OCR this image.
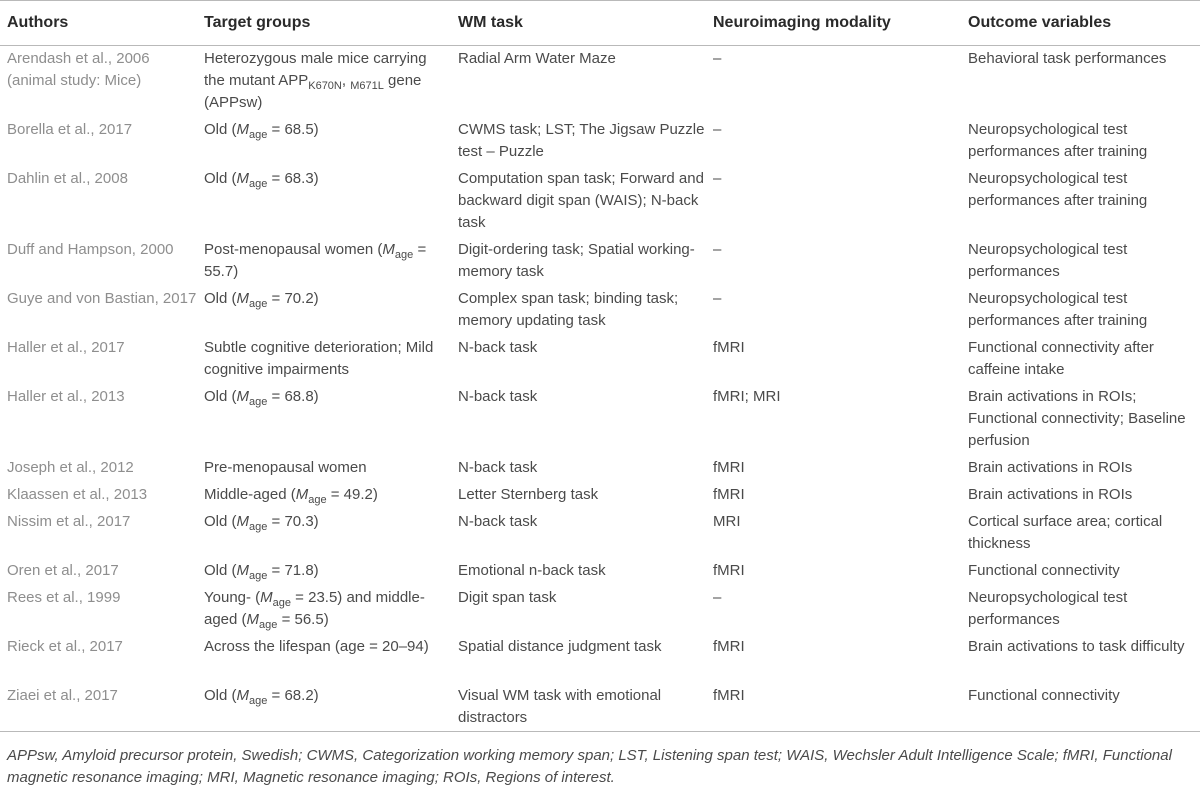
Authors	Target groups	WM task	Neuroimaging modality	Outcome variables
Arendash et al., 2006 (animal study: Mice)	Heterozygous male mice carrying the mutant $APP_{K670N}$, $_{M671L}$ gene (APPsw)	Radial Arm Water Maze	–	Behavioral task performances
Borella et al., 2017	Old $(M_{age} = 68.5)$	CWMS task; LST; The Jigsaw Puzzle test – Puzzle	–	Neuropsychological test performances after training
Dahlin et al., 2008	Old $(M_{age} = 68.3)$	Computation span task; Forward and backward digit span (WAIS); N-back task	–	Neuropsychological test performances after training
Duff and Hampson, 2000	Post-menopausal women $(M_{age} = 55.7)$	Digit-ordering task; Spatial working-memory task	–	Neuropsychological test performances
Guye and von Bastian, 2017	Old $(M_{age} = 70.2)$	Complex span task; binding task; memory updating task	–	Neuropsychological test performances after training
Haller et al., 2017	Subtle cognitive deterioration; Mild cognitive impairments	N-back task	fMRI	Functional connectivity after caffeine intake
Haller et al., 2013	Old $(M_{age} = 68.8)$	N-back task	fMRI; MRI	Brain activations in ROIs; Functional connectivity; Baseline perfusion
Joseph et al., 2012	Pre-menopausal women	N-back task	fMRI	Brain activations in ROIs
Klaassen et al., 2013	Middle-aged $(M_{age} = 49.2)$	Letter Sternberg task	fMRI	Brain activations in ROIs
Nissim et al., 2017	Old $(M_{age} = 70.3)$	N-back task	MRI	Cortical surface area; cortical thickness
Oren et al., 2017	Old $(M_{age} = 71.8)$	Emotional n-back task	fMRI	Functional connectivity
Rees et al., 1999	Young- $(M_{age} = 23.5)$ and middle-aged $(M_{age} = 56.5)$	Digit span task	–	Neuropsychological test performances
Rieck et al., 2017	Across the lifespan (age = 20–94)	Spatial distance judgment task	fMRI	Brain activations to task difficulty
Ziaei et al., 2017	Old $(M_{age} = 68.2)$	Visual WM task with emotional distractors	fMRI	Functional connectivity
APPsw, Amyloid precursor protein, Swedish; CWMS, Categorization working memory span; LST, Listening span test; WAIS, Wechsler Adult Intelligence Scale; fMRI, Functional magnetic resonance imaging; MRI, Magnetic resonance imaging; ROIs, Regions of interest.
